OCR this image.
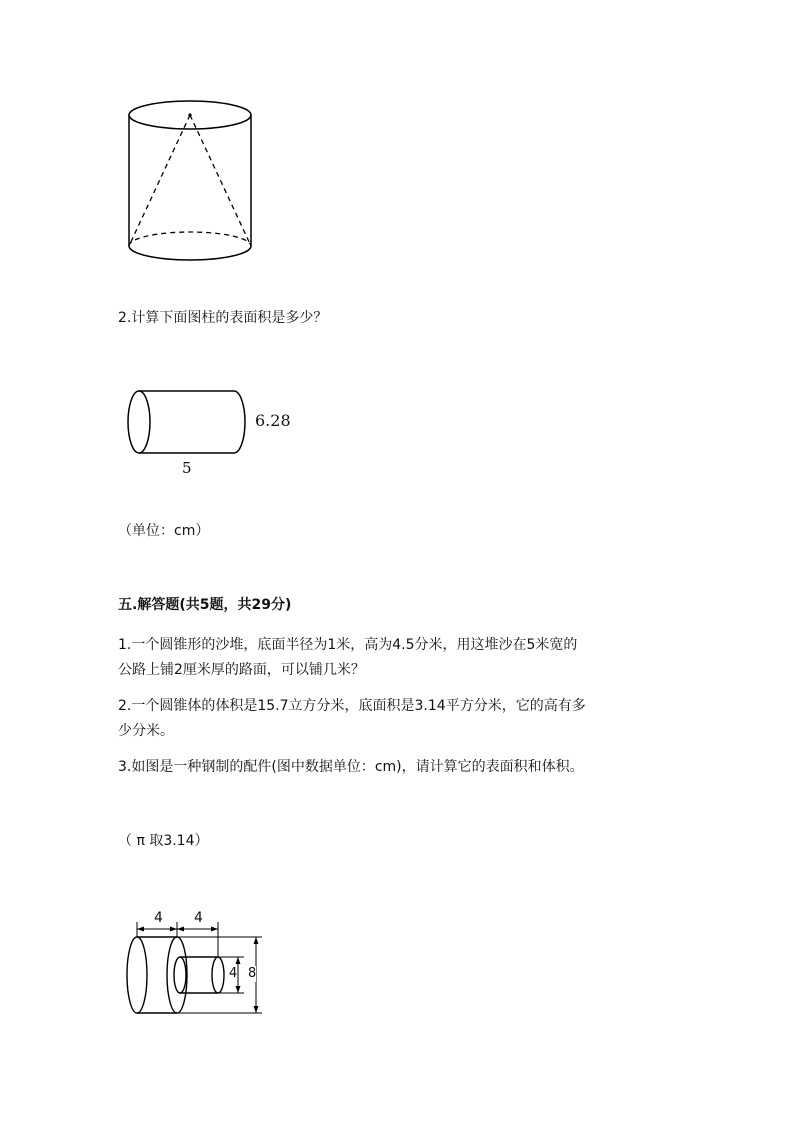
2.计算下面图柱的表面积是多少？
6.28
5
（单位：cm）
五.解答题(共5题，共29分)
1.一个圆锥形的沙堆，底面半径为1米，高为4.5分米，用这堆沙在5米宽的
公路上铺2厘米厚的路面，可以铺几米？
2.一个圆锥体的体积是15.7立方分米，底面积是3.14平方分米，它的高有多
少分米。
3.如图是一种钢制的配件(图中数据单位：cm)，请计算它的表面积和体积。
（ π 取3.14）
4 4
4 8
